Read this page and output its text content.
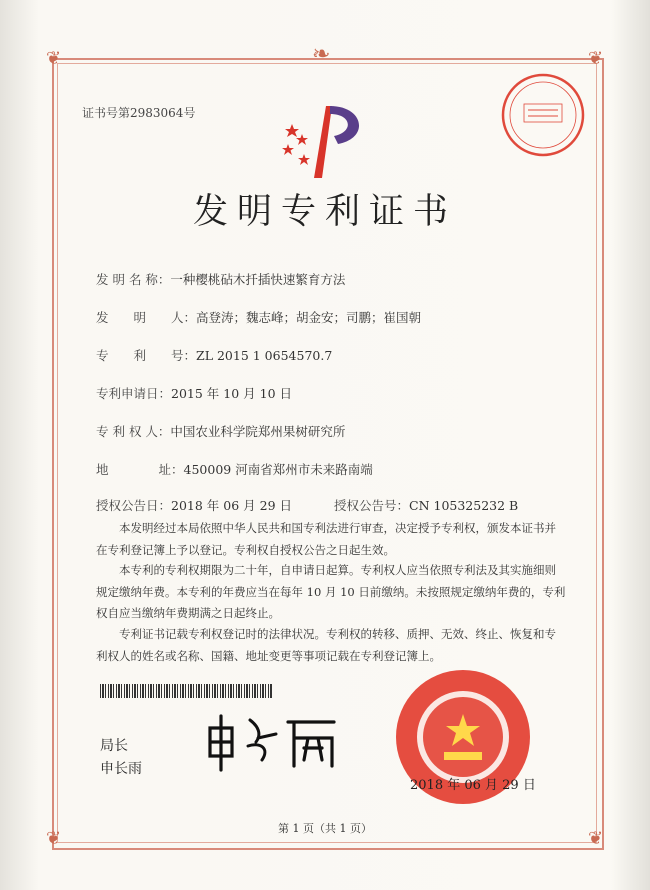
❦	❦
❦	❦
❧
证书号第2983064号
发明专利证书
发 明 名 称：一种樱桃砧木扦插快速繁育方法
发　　明　　人：高登涛；魏志峰；胡金安；司鹏；崔国朝
专　　利　　号：ZL 2015 1 0654570.7
专利申请日：2015 年 10 月 10 日
专 利 权 人：中国农业科学院郑州果树研究所
地　　　　址：450009 河南省郑州市未来路南端
授权公告日：2018 年 06 月 29 日	授权公告号：CN 105325232 B
本发明经过本局依照中华人民共和国专利法进行审查，决定授予专利权，颁发本证书并在专利登记簿上予以登记。专利权自授权公告之日起生效。
本专利的专利权期限为二十年，自申请日起算。专利权人应当依照专利法及其实施细则规定缴纳年费。本专利的年费应当在每年 10 月 10 日前缴纳。未按照规定缴纳年费的，专利权自应当缴纳年费期满之日起终止。
专利证书记载专利权登记时的法律状况。专利权的转移、质押、无效、终止、恢复和专利权人的姓名或名称、国籍、地址变更等事项记载在专利登记簿上。
局长
申长雨
2018 年 06 月 29 日
第 1 页（共 1 页）
